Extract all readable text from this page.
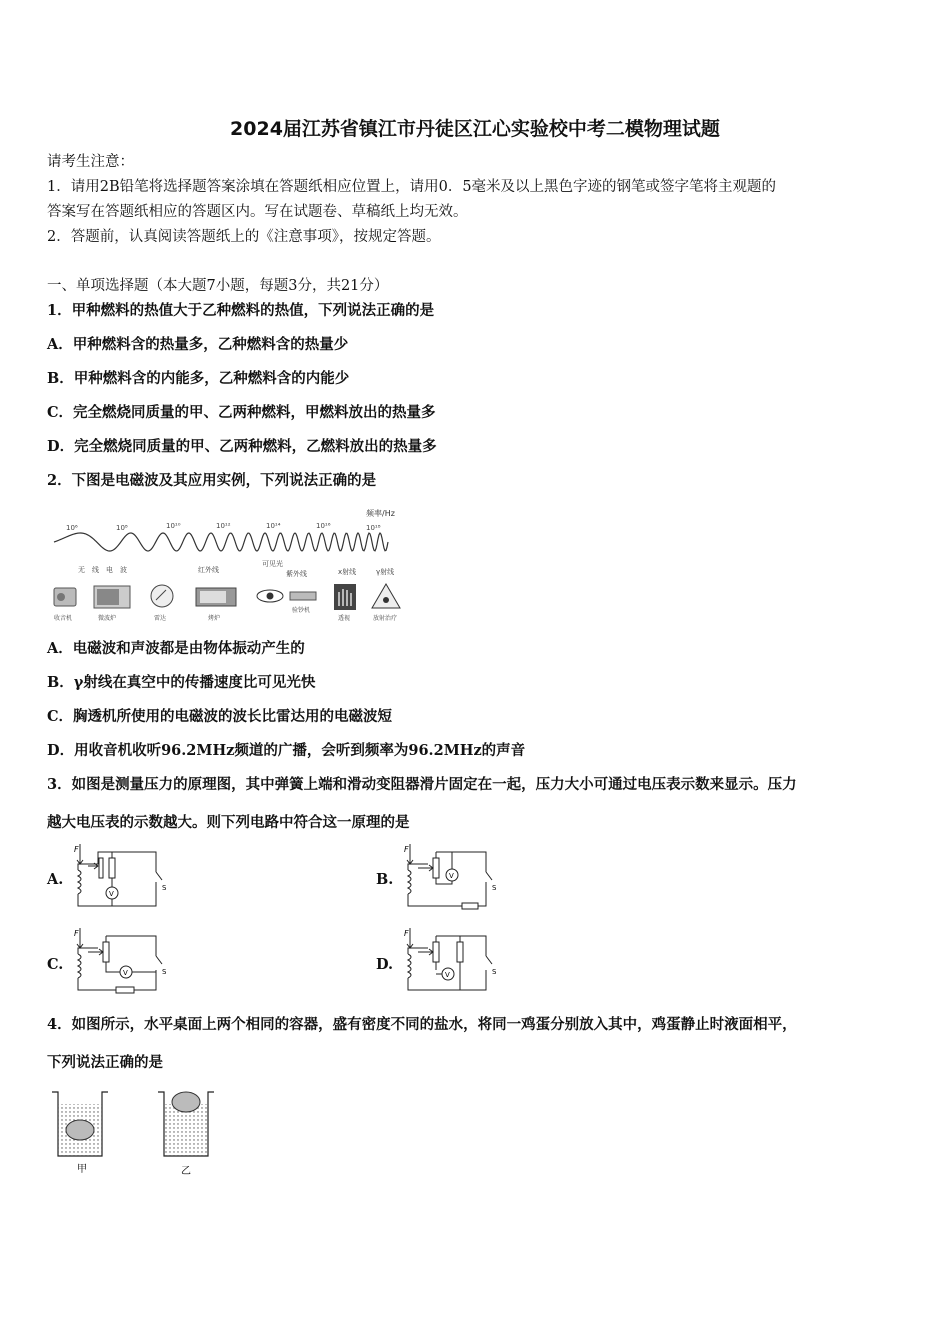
2024届江苏省镇江市丹徒区江心实验校中考二模物理试题
请考生注意：
1．请用2B铅笔将选择题答案涂填在答题纸相应位置上，请用0．5毫米及以上黑色字迹的钢笔或签字笔将主观题的
答案写在答题纸相应的答题区内。写在试题卷、草稿纸上均无效。
2．答题前，认真阅读答题纸上的《注意事项》，按规定答题。
一、单项选择题（本大题7小题，每题3分，共21分）
1．甲种燃料的热值大于乙种燃料的热值，下列说法正确的是
A．甲种燃料含的热量多，乙种燃料含的热量少
B．甲种燃料含的内能多，乙种燃料含的内能少
C．完全燃烧同质量的甲、乙两种燃料，甲燃料放出的热量多
D．完全燃烧同质量的甲、乙两种燃料，乙燃料放出的热量多
2．下图是电磁波及其应用实例，下列说法正确的是
频率/Hz
10⁶	10⁸	10¹⁰	10¹²	10¹⁴	10¹⁶	10¹⁸
无　线　电　波	红外线
可见光
紫外线	x射线	γ射线
收音机	微波炉	雷达	烤炉
验钞机
透视	放射治疗
A．电磁波和声波都是由物体振动产生的
B．γ射线在真空中的传播速度比可见光快
C．胸透机所使用的电磁波的波长比雷达用的电磁波短
D．用收音机收听96.2MHz频道的广播，会听到频率为96.2MHz的声音
3．如图是测量压力的原理图，其中弹簧上端和滑动变阻器滑片固定在一起，压力大小可通过电压表示数来显示。压力
越大电压表的示数越大。则下列电路中符合这一原理的是
A.	B.
C.	D.
F
V
S
F
V
S
F
V	S
F
V	S
4．如图所示，水平桌面上两个相同的容器，盛有密度不同的盐水，将同一鸡蛋分别放入其中，鸡蛋静止时液面相平，
下列说法正确的是
甲	乙
